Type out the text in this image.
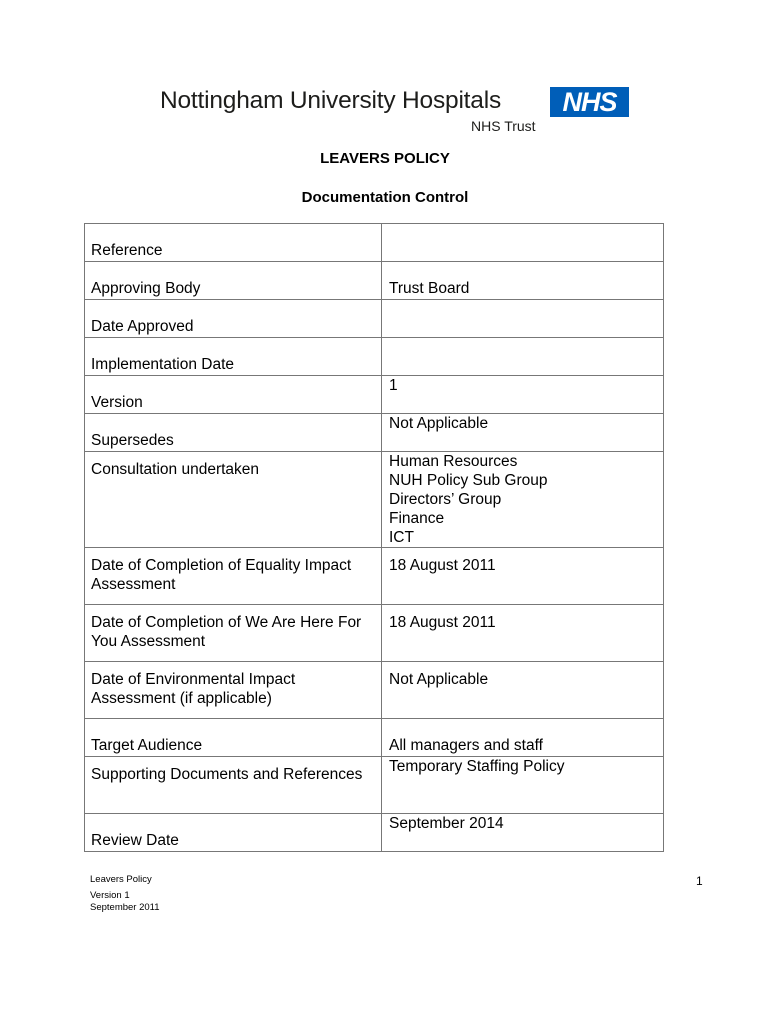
Nottingham University Hospitals	NHS
NHS Trust
LEAVERS POLICY
Documentation Control
Reference	
Approving Body	Trust Board
Date Approved	
Implementation Date	
Version	1
Supersedes	Not Applicable
Consultation undertaken	Human Resources
NUH Policy Sub Group
Directors’ Group
Finance
ICT

Date of Completion of Equality Impact Assessment	18 August 2011
Date of Completion of We Are Here For You Assessment	18 August 2011
Date of Environmental Impact Assessment (if applicable)	Not Applicable
Target Audience	All managers and staff
Supporting Documents and References	Temporary Staffing Policy
Review Date	September 2014
Leavers Policy
Version 1
September 2011
1
